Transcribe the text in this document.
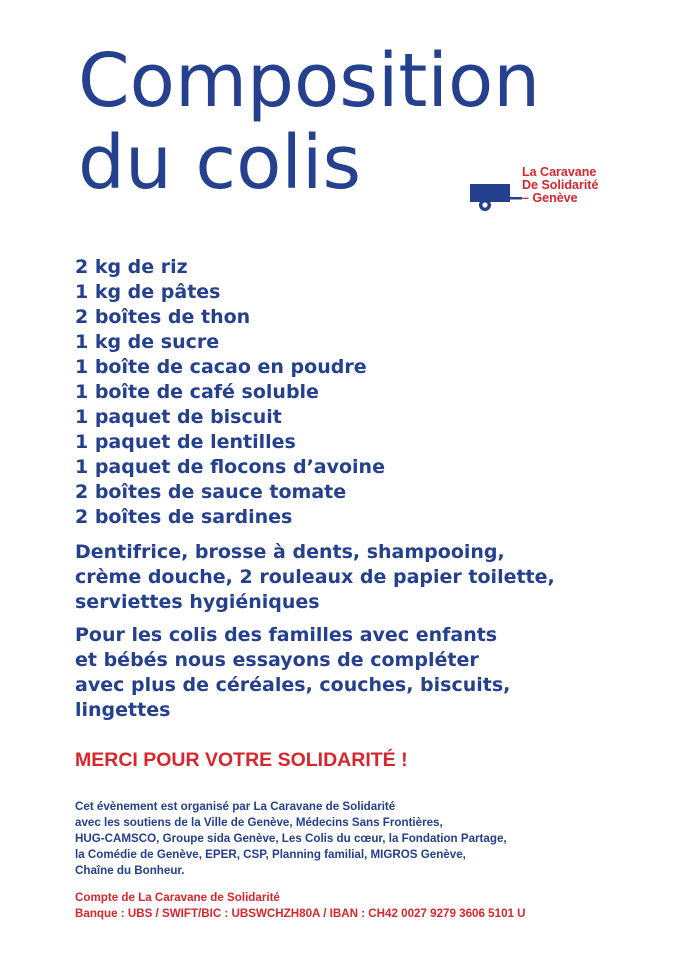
Composition
du colis	La Caravane
De Solidarité
– Genève
2 kg de riz
1 kg de pâtes
2 boîtes de thon
1 kg de sucre
1 boîte de cacao en poudre
1 boîte de café soluble
1 paquet de biscuit
1 paquet de lentilles
1 paquet de flocons d’avoine
2 boîtes de sauce tomate
2 boîtes de sardines
Dentifrice, brosse à dents, shampooing,
crème douche, 2 rouleaux de papier toilette,
serviettes hygiéniques
Pour les colis des familles avec enfants
et bébés nous essayons de compléter
avec plus de céréales, couches, biscuits,
lingettes
MERCI POUR VOTRE SOLIDARITÉ !
Cet évènement est organisé par La Caravane de Solidarité
avec les soutiens de la Ville de Genève, Médecins Sans Frontières,
HUG-CAMSCO, Groupe sida Genève, Les Colis du cœur, la Fondation Partage,
la Comédie de Genève, EPER, CSP, Planning familial, MIGROS Genève,
Chaîne du Bonheur.
Compte de La Caravane de Solidarité
Banque : UBS / SWIFT/BIC : UBSWCHZH80A / IBAN : CH42 0027 9279 3606 5101 U
